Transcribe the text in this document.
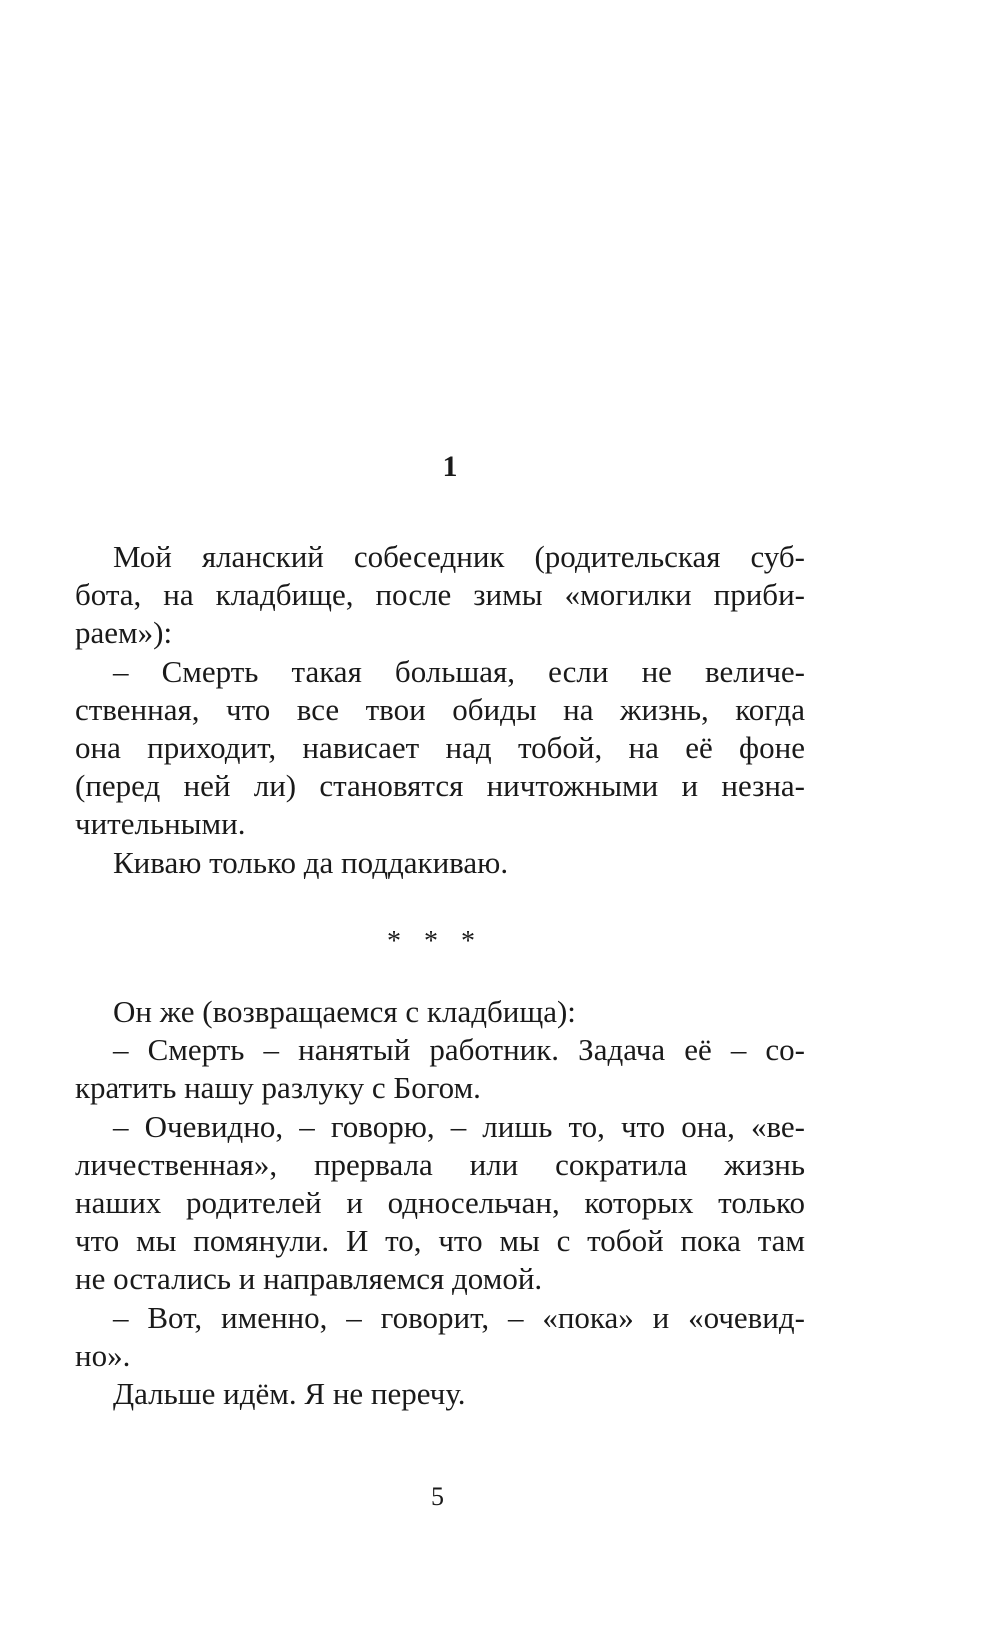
1
Мой яланский собеседник (родительская суб-
бота, на кладбище, после зимы «могилки приби-
раем»):
– Смерть такая большая, если не величе-
ственная, что все твои обиды на жизнь, когда
она приходит, нависает над тобой, на её фоне
(перед ней ли) становятся ничтожными и незна-
чительными.
Киваю только да поддакиваю.
* * *
Он же (возвращаемся с кладбища):
– Смерть – нанятый работник. Задача её – со-
кратить нашу разлуку с Богом.
– Очевидно, – говорю, – лишь то, что она, «ве-
личественная», прервала или сократила жизнь
наших родителей и односельчан, которых только
что мы помянули. И то, что мы с тобой пока там
не остались и направляемся домой.
– Вот, именно, – говорит, – «пока» и «очевид-
но».
Дальше идём. Я не перечу.
5
